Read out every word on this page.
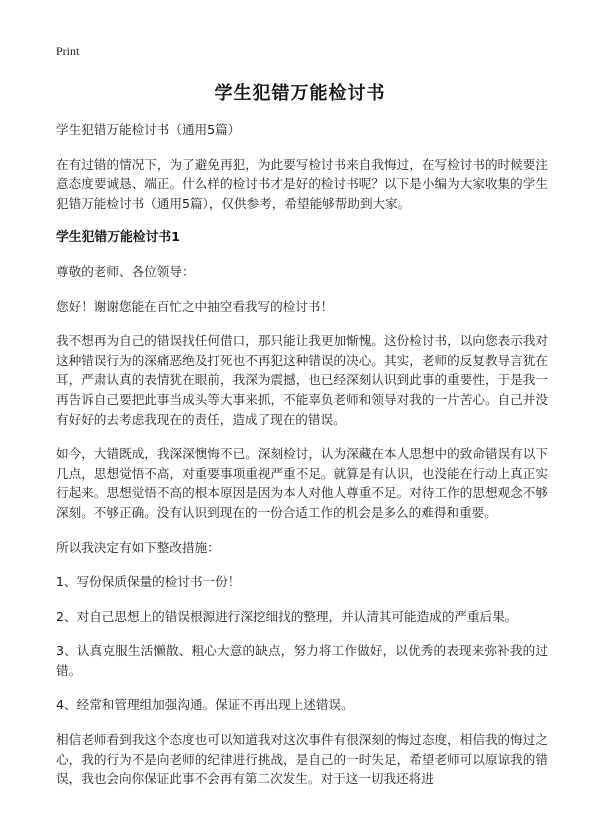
Print
学生犯错万能检讨书

学生犯错万能检讨书（通用5篇）

在有过错的情况下，为了避免再犯，为此要写检讨书来自我悔过，在写检讨书的时候要注意态度要诚恳、端正。什么样的检讨书才是好的检讨书呢？以下是小编为大家收集的学生犯错万能检讨书（通用5篇），仅供参考，希望能够帮助到大家。

学生犯错万能检讨书1

尊敬的老师、各位领导：

您好！谢谢您能在百忙之中抽空看我写的检讨书！

我不想再为自己的错误找任何借口，那只能让我更加惭愧。这份检讨书，以向您表示我对这种错误行为的深痛恶绝及打死也不再犯这种错误的决心。其实，老师的反复教导言犹在耳，严肃认真的表情犹在眼前，我深为震撼，也已经深刻认识到此事的重要性，于是我一再告诉自己要把此事当成头等大事来抓，不能辜负老师和领导对我的一片苦心。自己并没有好好的去考虑我现在的责任，造成了现在的错误。

如今，大错既成，我深深懊悔不已。深刻检讨，认为深藏在本人思想中的致命错误有以下几点，思想觉悟不高，对重要事项重视严重不足。就算是有认识，也没能在行动上真正实行起来。思想觉悟不高的根本原因是因为本人对他人尊重不足。对待工作的思想观念不够深刻。不够正确。没有认识到现在的一份合适工作的机会是多么的难得和重要。

所以我决定有如下整改措施：

1、写份保质保量的检讨书一份！

2、对自己思想上的错误根源进行深挖细找的整理，并认清其可能造成的严重后果。

3、认真克服生活懒散、粗心大意的缺点，努力将工作做好，以优秀的表现来弥补我的过错。

4、经常和管理组加强沟通。保证不再出现上述错误。

相信老师看到我这个态度也可以知道我对这次事件有很深刻的悔过态度，相信我的悔过之心，我的行为不是向老师的纪律进行挑战，是自己的一时失足，希望老师可以原谅我的错误，我也会向你保证此事不会再有第二次发生。对于这一切我还将进
